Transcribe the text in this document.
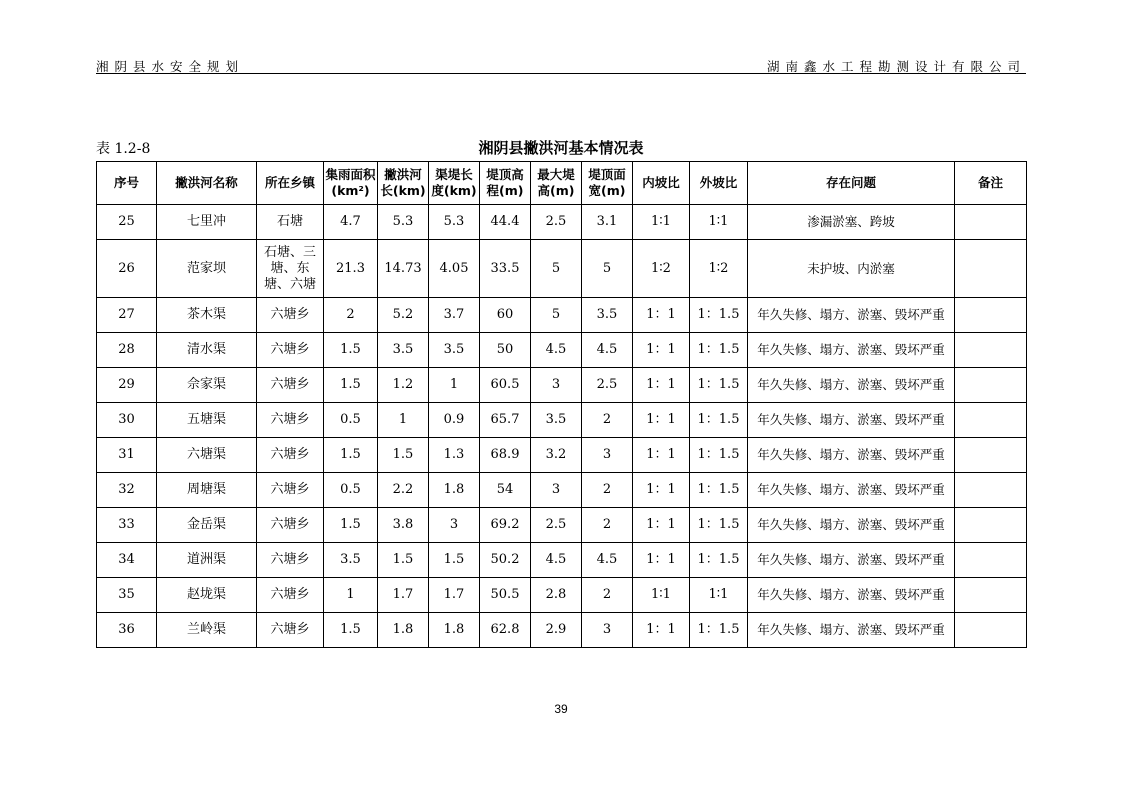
湘阴县水安全规划	湖南鑫水工程勘测设计有限公司
表 1.2-8	湘阴县撇洪河基本情况表
序号	撇洪河名称	所在乡镇	集雨面积(km²)	撇洪河长(km)	渠堤长度(km)	堤顶高程(m)	最大堤高(m)	堤顶面宽(m)	内坡比	外坡比	存在问题	备注
25	七里冲	石塘	4.7	5.3	5.3	44.4	2.5	3.1	1∶1	1∶1	渗漏淤塞、跨坡	
26	范家坝	石塘、三塘、东塘、六塘	21.3	14.73	4.05	33.5	5	5	1∶2	1∶2	未护坡、内淤塞	
27	茶木渠	六塘乡	2	5.2	3.7	60	5	3.5	1：1	1：1.5	年久失修、塌方、淤塞、毁坏严重	
28	清水渠	六塘乡	1.5	3.5	3.5	50	4.5	4.5	1：1	1：1.5	年久失修、塌方、淤塞、毁坏严重	
29	佘家渠	六塘乡	1.5	1.2	1	60.5	3	2.5	1：1	1：1.5	年久失修、塌方、淤塞、毁坏严重	
30	五塘渠	六塘乡	0.5	1	0.9	65.7	3.5	2	1：1	1：1.5	年久失修、塌方、淤塞、毁坏严重	
31	六塘渠	六塘乡	1.5	1.5	1.3	68.9	3.2	3	1：1	1：1.5	年久失修、塌方、淤塞、毁坏严重	
32	周塘渠	六塘乡	0.5	2.2	1.8	54	3	2	1：1	1：1.5	年久失修、塌方、淤塞、毁坏严重	
33	金岳渠	六塘乡	1.5	3.8	3	69.2	2.5	2	1：1	1：1.5	年久失修、塌方、淤塞、毁坏严重	
34	道洲渠	六塘乡	3.5	1.5	1.5	50.2	4.5	4.5	1：1	1：1.5	年久失修、塌方、淤塞、毁坏严重	
35	赵垅渠	六塘乡	1	1.7	1.7	50.5	2.8	2	1∶1	1∶1	年久失修、塌方、淤塞、毁坏严重	
36	兰岭渠	六塘乡	1.5	1.8	1.8	62.8	2.9	3	1：1	1：1.5	年久失修、塌方、淤塞、毁坏严重	
39
